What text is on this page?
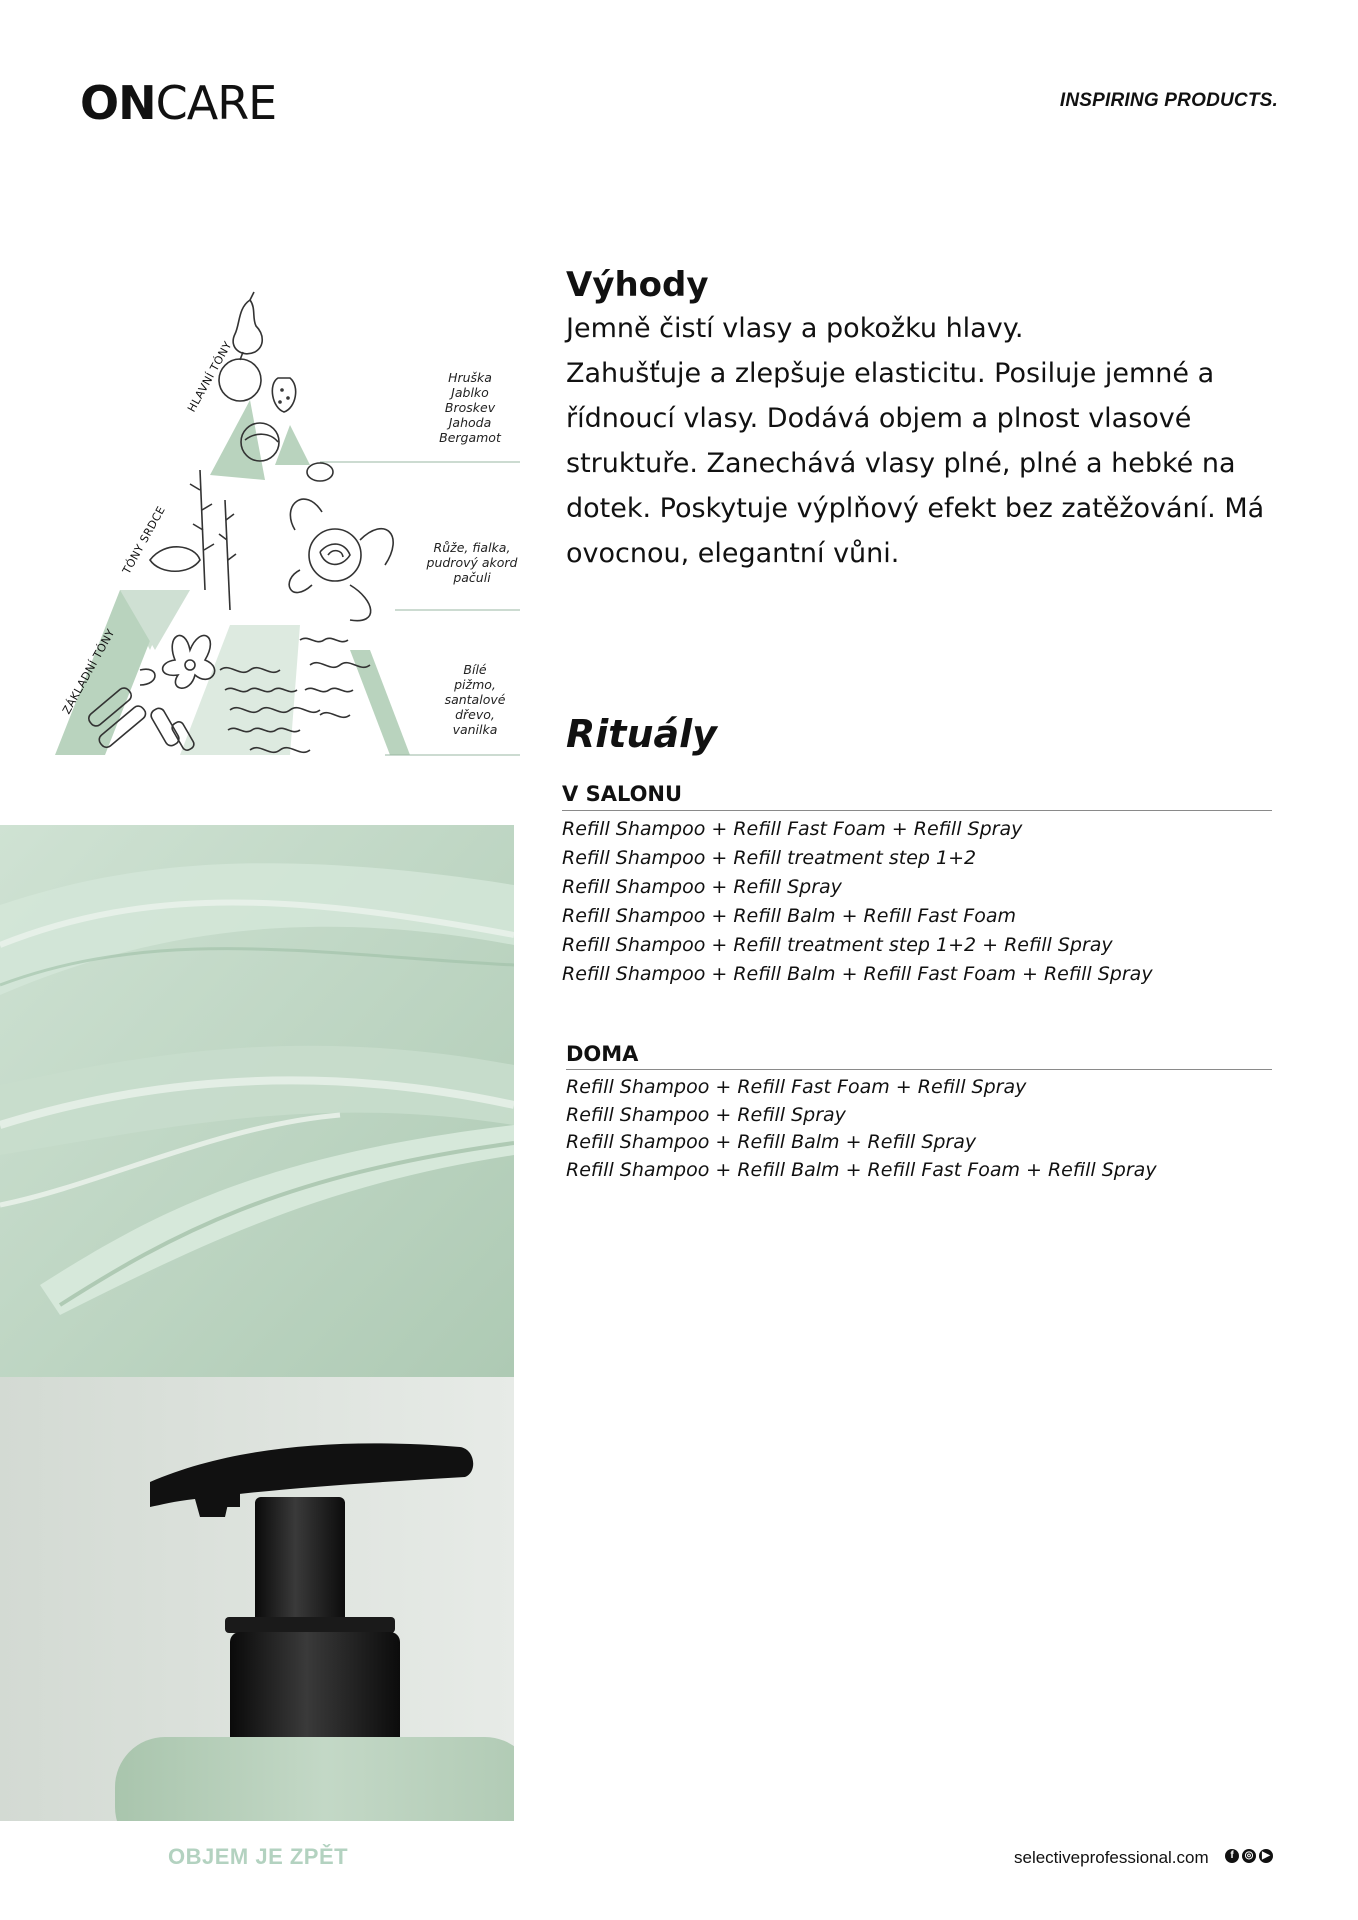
ONCARE	INSPIRING PRODUCTS.
HLAVNÍ TÓNY
TÓNY SRDCE
ZÁKLADNÍ TÓNY
Hruška
Jablko
Broskev
Jahoda
Bergamot
Růže, fialka,
pudrový akord
pačuli
Bílé
pižmo,
santalové
dřevo,
vanilka
Výhody
Jemně čistí vlasy a pokožku hlavy.
Zahušťuje a zlepšuje elasticitu. Posiluje jemné a
řídnoucí vlasy. Dodává objem a plnost vlasové
struktuře. Zanechává vlasy plné, plné a hebké na
dotek. Poskytuje výplňový efekt bez zatěžování. Má
ovocnou, elegantní vůni.
Rituály
V SALONU
Refill Shampoo + Refill Fast Foam + Refill Spray
Refill Shampoo + Refill treatment step 1+2
Refill Shampoo + Refill Spray
Refill Shampoo + Refill Balm + Refill Fast Foam
Refill Shampoo + Refill treatment step 1+2 + Refill Spray
Refill Shampoo + Refill Balm + Refill Fast Foam + Refill Spray
DOMA
Refill Shampoo + Refill Fast Foam + Refill Spray
Refill Shampoo + Refill Spray
Refill Shampoo + Refill Balm + Refill Spray
Refill Shampoo + Refill Balm + Refill Fast Foam + Refill Spray
OBJEM JE ZPĚT	selectiveprofessional.com	f	◎ ▶
